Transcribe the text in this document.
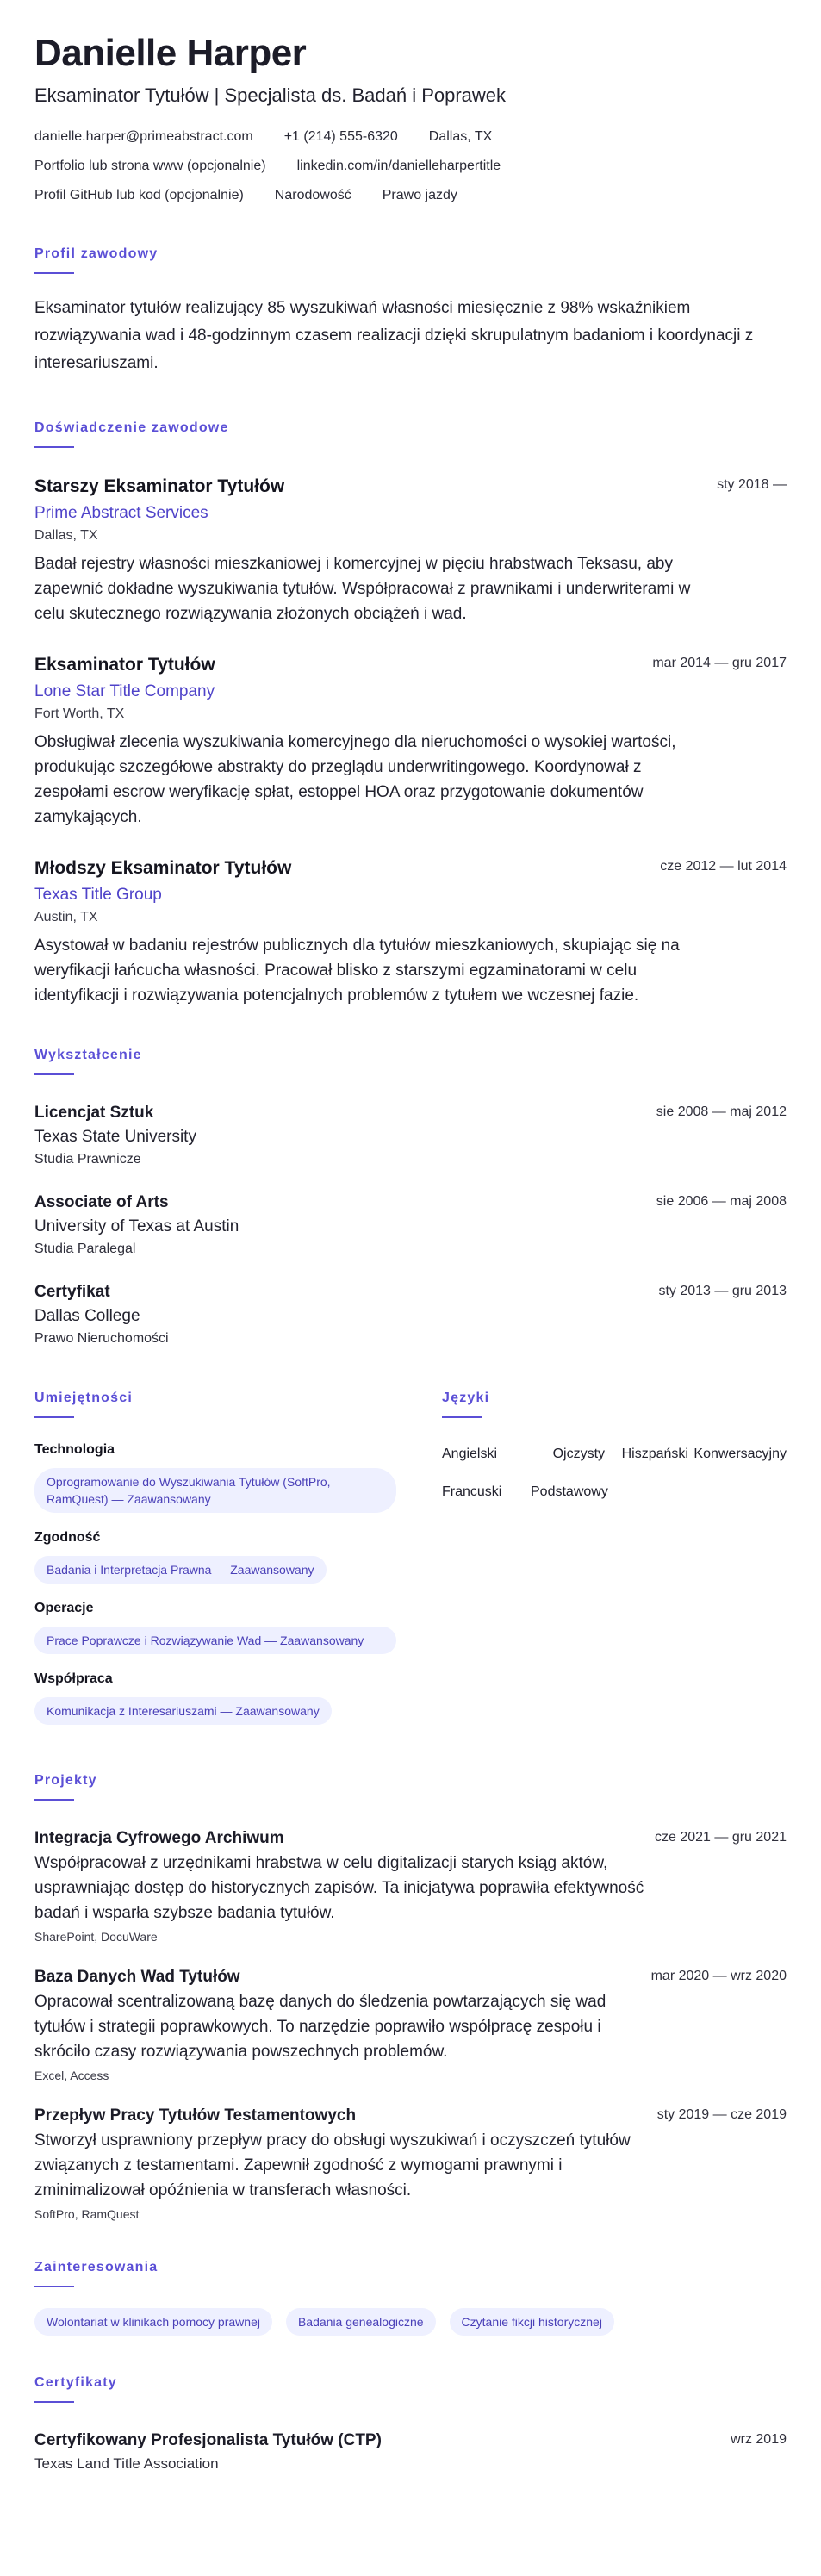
Danielle Harper
Eksaminator Tytułów | Specjalista ds. Badań i Poprawek
danielle.harper@primeabstract.com +1 (214) 555-6320 Dallas, TX
Portfolio lub strona www (opcjonalnie) linkedin.com/in/danielleharpertitle
Profil GitHub lub kod (opcjonalnie) Narodowość Prawo jazdy
Profil zawodowy
Eksaminator tytułów realizujący 85 wyszukiwań własności miesięcznie z 98% wskaźnikiem rozwiązywania wad i 48-godzinnym czasem realizacji dzięki skrupulatnym badaniom i koordynacji z interesariuszami.
Doświadczenie zawodowe
Starszy Eksaminator Tytułów	sty 2018 —
Prime Abstract Services
Dallas, TX
Badał rejestry własności mieszkaniowej i komercyjnej w pięciu hrabstwach Teksasu, aby zapewnić dokładne wyszukiwania tytułów. Współpracował z prawnikami i underwriterami w celu skutecznego rozwiązywania złożonych obciążeń i wad.
Eksaminator Tytułów	mar 2014 — gru 2017
Lone Star Title Company
Fort Worth, TX
Obsługiwał zlecenia wyszukiwania komercyjnego dla nieruchomości o wysokiej wartości, produkując szczegółowe abstrakty do przeglądu underwritingowego. Koordynował z zespołami escrow weryfikację spłat, estoppel HOA oraz przygotowanie dokumentów zamykających.
Młodszy Eksaminator Tytułów	cze 2012 — lut 2014
Texas Title Group
Austin, TX
Asystował w badaniu rejestrów publicznych dla tytułów mieszkaniowych, skupiając się na weryfikacji łańcucha własności. Pracował blisko z starszymi egzaminatorami w celu identyfikacji i rozwiązywania potencjalnych problemów z tytułem we wczesnej fazie.
Wykształcenie
Licencjat Sztuk	sie 2008 — maj 2012
Texas State University
Studia Prawnicze
Associate of Arts	sie 2006 — maj 2008
University of Texas at Austin
Studia Paralegal
Certyfikat	sty 2013 — gru 2013
Dallas College
Prawo Nieruchomości
Umiejętności
Technologia
Oprogramowanie do Wyszukiwania Tytułów (SoftPro, RamQuest) — Zaawansowany
Zgodność
Badania i Interpretacja Prawna — Zaawansowany
Operacje
Prace Poprawcze i Rozwiązywanie Wad — Zaawansowany
Współpraca
Komunikacja z Interesariuszami — Zaawansowany
Języki
Angielski	Ojczysty	Hiszpański Konwersacyjny
Francuski	Podstawowy
Projekty
Integracja Cyfrowego Archiwum	cze 2021 — gru 2021
Współpracował z urzędnikami hrabstwa w celu digitalizacji starych ksiąg aktów, usprawniając dostęp do historycznych zapisów. Ta inicjatywa poprawiła efektywność badań i wsparła szybsze badania tytułów.
SharePoint, DocuWare
Baza Danych Wad Tytułów	mar 2020 — wrz 2020
Opracował scentralizowaną bazę danych do śledzenia powtarzających się wad tytułów i strategii poprawkowych. To narzędzie poprawiło współpracę zespołu i skróciło czasy rozwiązywania powszechnych problemów.
Excel, Access
Przepływ Pracy Tytułów Testamentowych	sty 2019 — cze 2019
Stworzył usprawniony przepływ pracy do obsługi wyszukiwań i oczyszczeń tytułów związanych z testamentami. Zapewnił zgodność z wymogami prawnymi i zminimalizował opóźnienia w transferach własności.
SoftPro, RamQuest
Zainteresowania
Wolontariat w klinikach pomocy prawnej	Badania genealogiczne	Czytanie fikcji historycznej
Certyfikaty
Certyfikowany Profesjonalista Tytułów (CTP)	wrz 2019
Texas Land Title Association
